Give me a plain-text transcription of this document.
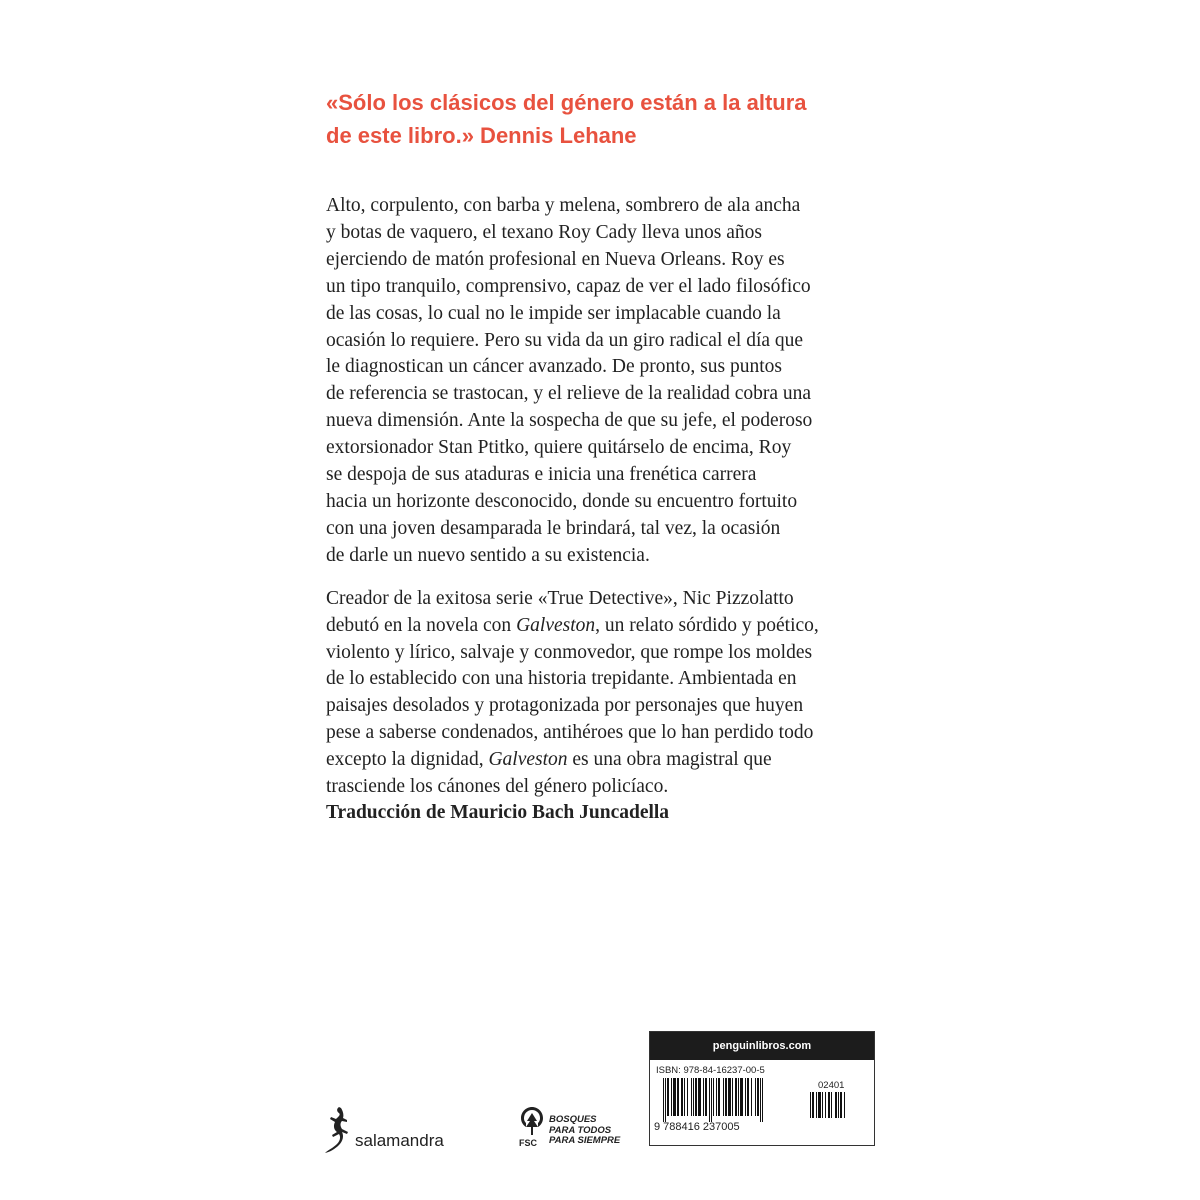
«Sólo los clásicos del género están a la altura
de este libro.» Dennis Lehane
Alto, corpulento, con barba y melena, sombrero de ala ancha
y botas de vaquero, el texano Roy Cady lleva unos años
ejerciendo de matón profesional en Nueva Orleans. Roy es
un tipo tranquilo, comprensivo, capaz de ver el lado filosófico
de las cosas, lo cual no le impide ser implacable cuando la
ocasión lo requiere. Pero su vida da un giro radical el día que
le diagnostican un cáncer avanzado. De pronto, sus puntos
de referencia se trastocan, y el relieve de la realidad cobra una
nueva dimensión. Ante la sospecha de que su jefe, el poderoso
extorsionador Stan Ptitko, quiere quitárselo de encima, Roy
se despoja de sus ataduras e inicia una frenética carrera
hacia un horizonte desconocido, donde su encuentro fortuito
con una joven desamparada le brindará, tal vez, la ocasión
de darle un nuevo sentido a su existencia.
Creador de la exitosa serie «True Detective», Nic Pizzolatto
debutó en la novela con Galveston, un relato sórdido y poético,
violento y lírico, salvaje y conmovedor, que rompe los moldes
de lo establecido con una historia trepidante. Ambientada en
paisajes desolados y protagonizada por personajes que huyen
pese a saberse condenados, antihéroes que lo han perdido todo
excepto la dignidad, Galveston es una obra magistral que
trasciende los cánones del género policíaco.
Traducción de Mauricio Bach Juncadella
salamandra	FSC
BOSQUES
PARA TODOS
PARA SIEMPRE
penguinlibros.com
ISBN: 978-84-16237-00-5
02401
9 788416 237005
